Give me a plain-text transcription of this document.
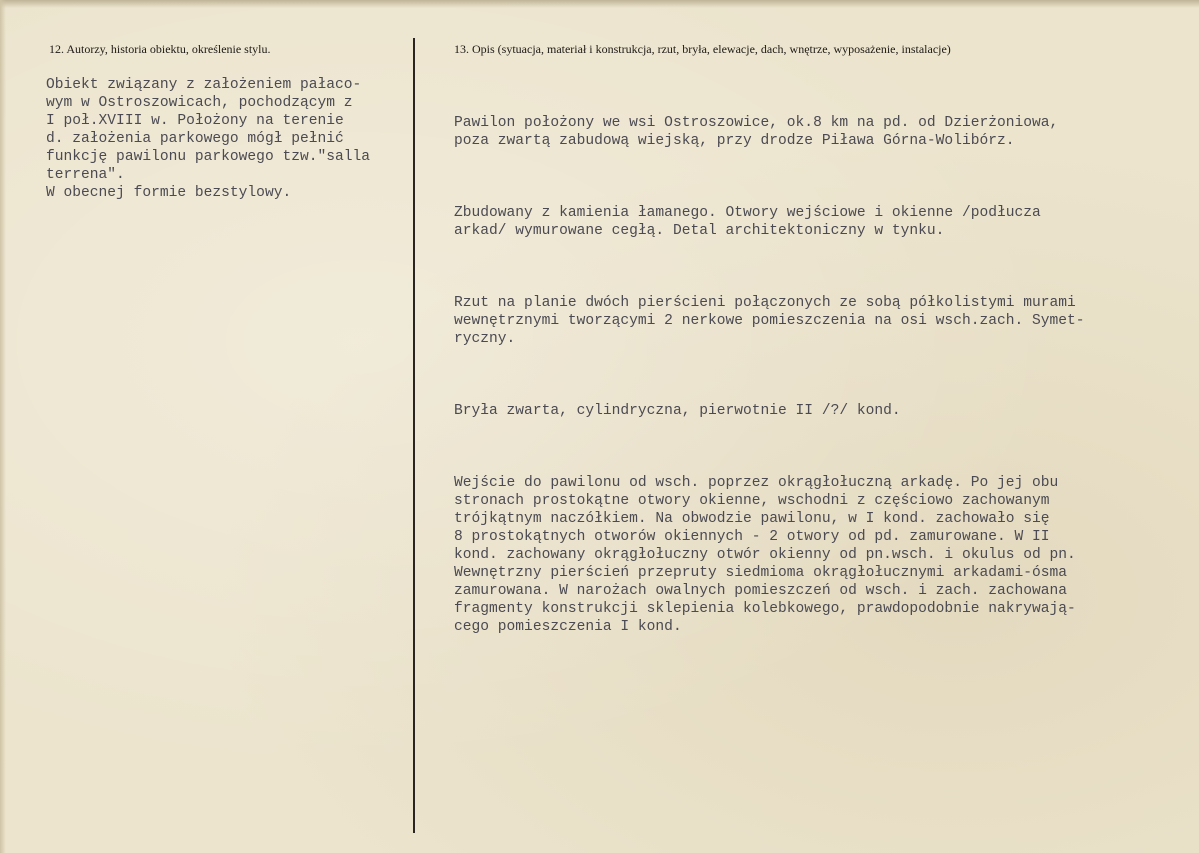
12. Autorzy, historia obiektu, określenie stylu.	13. Opis (sytuacja, materiał i konstrukcja, rzut, bryła, elewacje, dach, wnętrze, wyposażenie, instalacje)
Obiekt związany z założeniem pałaco-
wym w Ostroszowicach, pochodzącym z
I poł.XVIII w. Położony na terenie
d. założenia parkowego mógł pełnić
funkcję pawilonu parkowego tzw."salla
terrena".
W obecnej formie bezstylowy.

Pawilon położony we wsi Ostroszowice, ok.8 km na pd. od Dzierżoniowa,
poza zwartą zabudową wiejską, przy drodze Piława Górna-Wolibórz.

Zbudowany z kamienia łamanego. Otwory wejściowe i okienne /podłucza
arkad/ wymurowane cegłą. Detal architektoniczny w tynku.

Rzut na planie dwóch pierścieni połączonych ze sobą półkolistymi murami
wewnętrznymi tworzącymi 2 nerkowe pomieszczenia na osi wsch.zach. Symet-
ryczny.

Bryła zwarta, cylindryczna, pierwotnie II /?/ kond.

Wejście do pawilonu od wsch. poprzez okrągłołuczną arkadę. Po jej obu
stronach prostokątne otwory okienne, wschodni z częściowo zachowanym
trójkątnym naczółkiem. Na obwodzie pawilonu, w I kond. zachowało się
8 prostokątnych otworów okiennych - 2 otwory od pd. zamurowane. W II
kond. zachowany okrągłołuczny otwór okienny od pn.wsch. i okulus od pn.
Wewnętrzny pierścień przepruty siedmioma okrągłołucznymi arkadami-ósma
zamurowana. W narożach owalnych pomieszczeń od wsch. i zach. zachowana
fragmenty konstrukcji sklepienia kolebkowego, prawdopodobnie nakrywają-
cego pomieszczenia I kond.
